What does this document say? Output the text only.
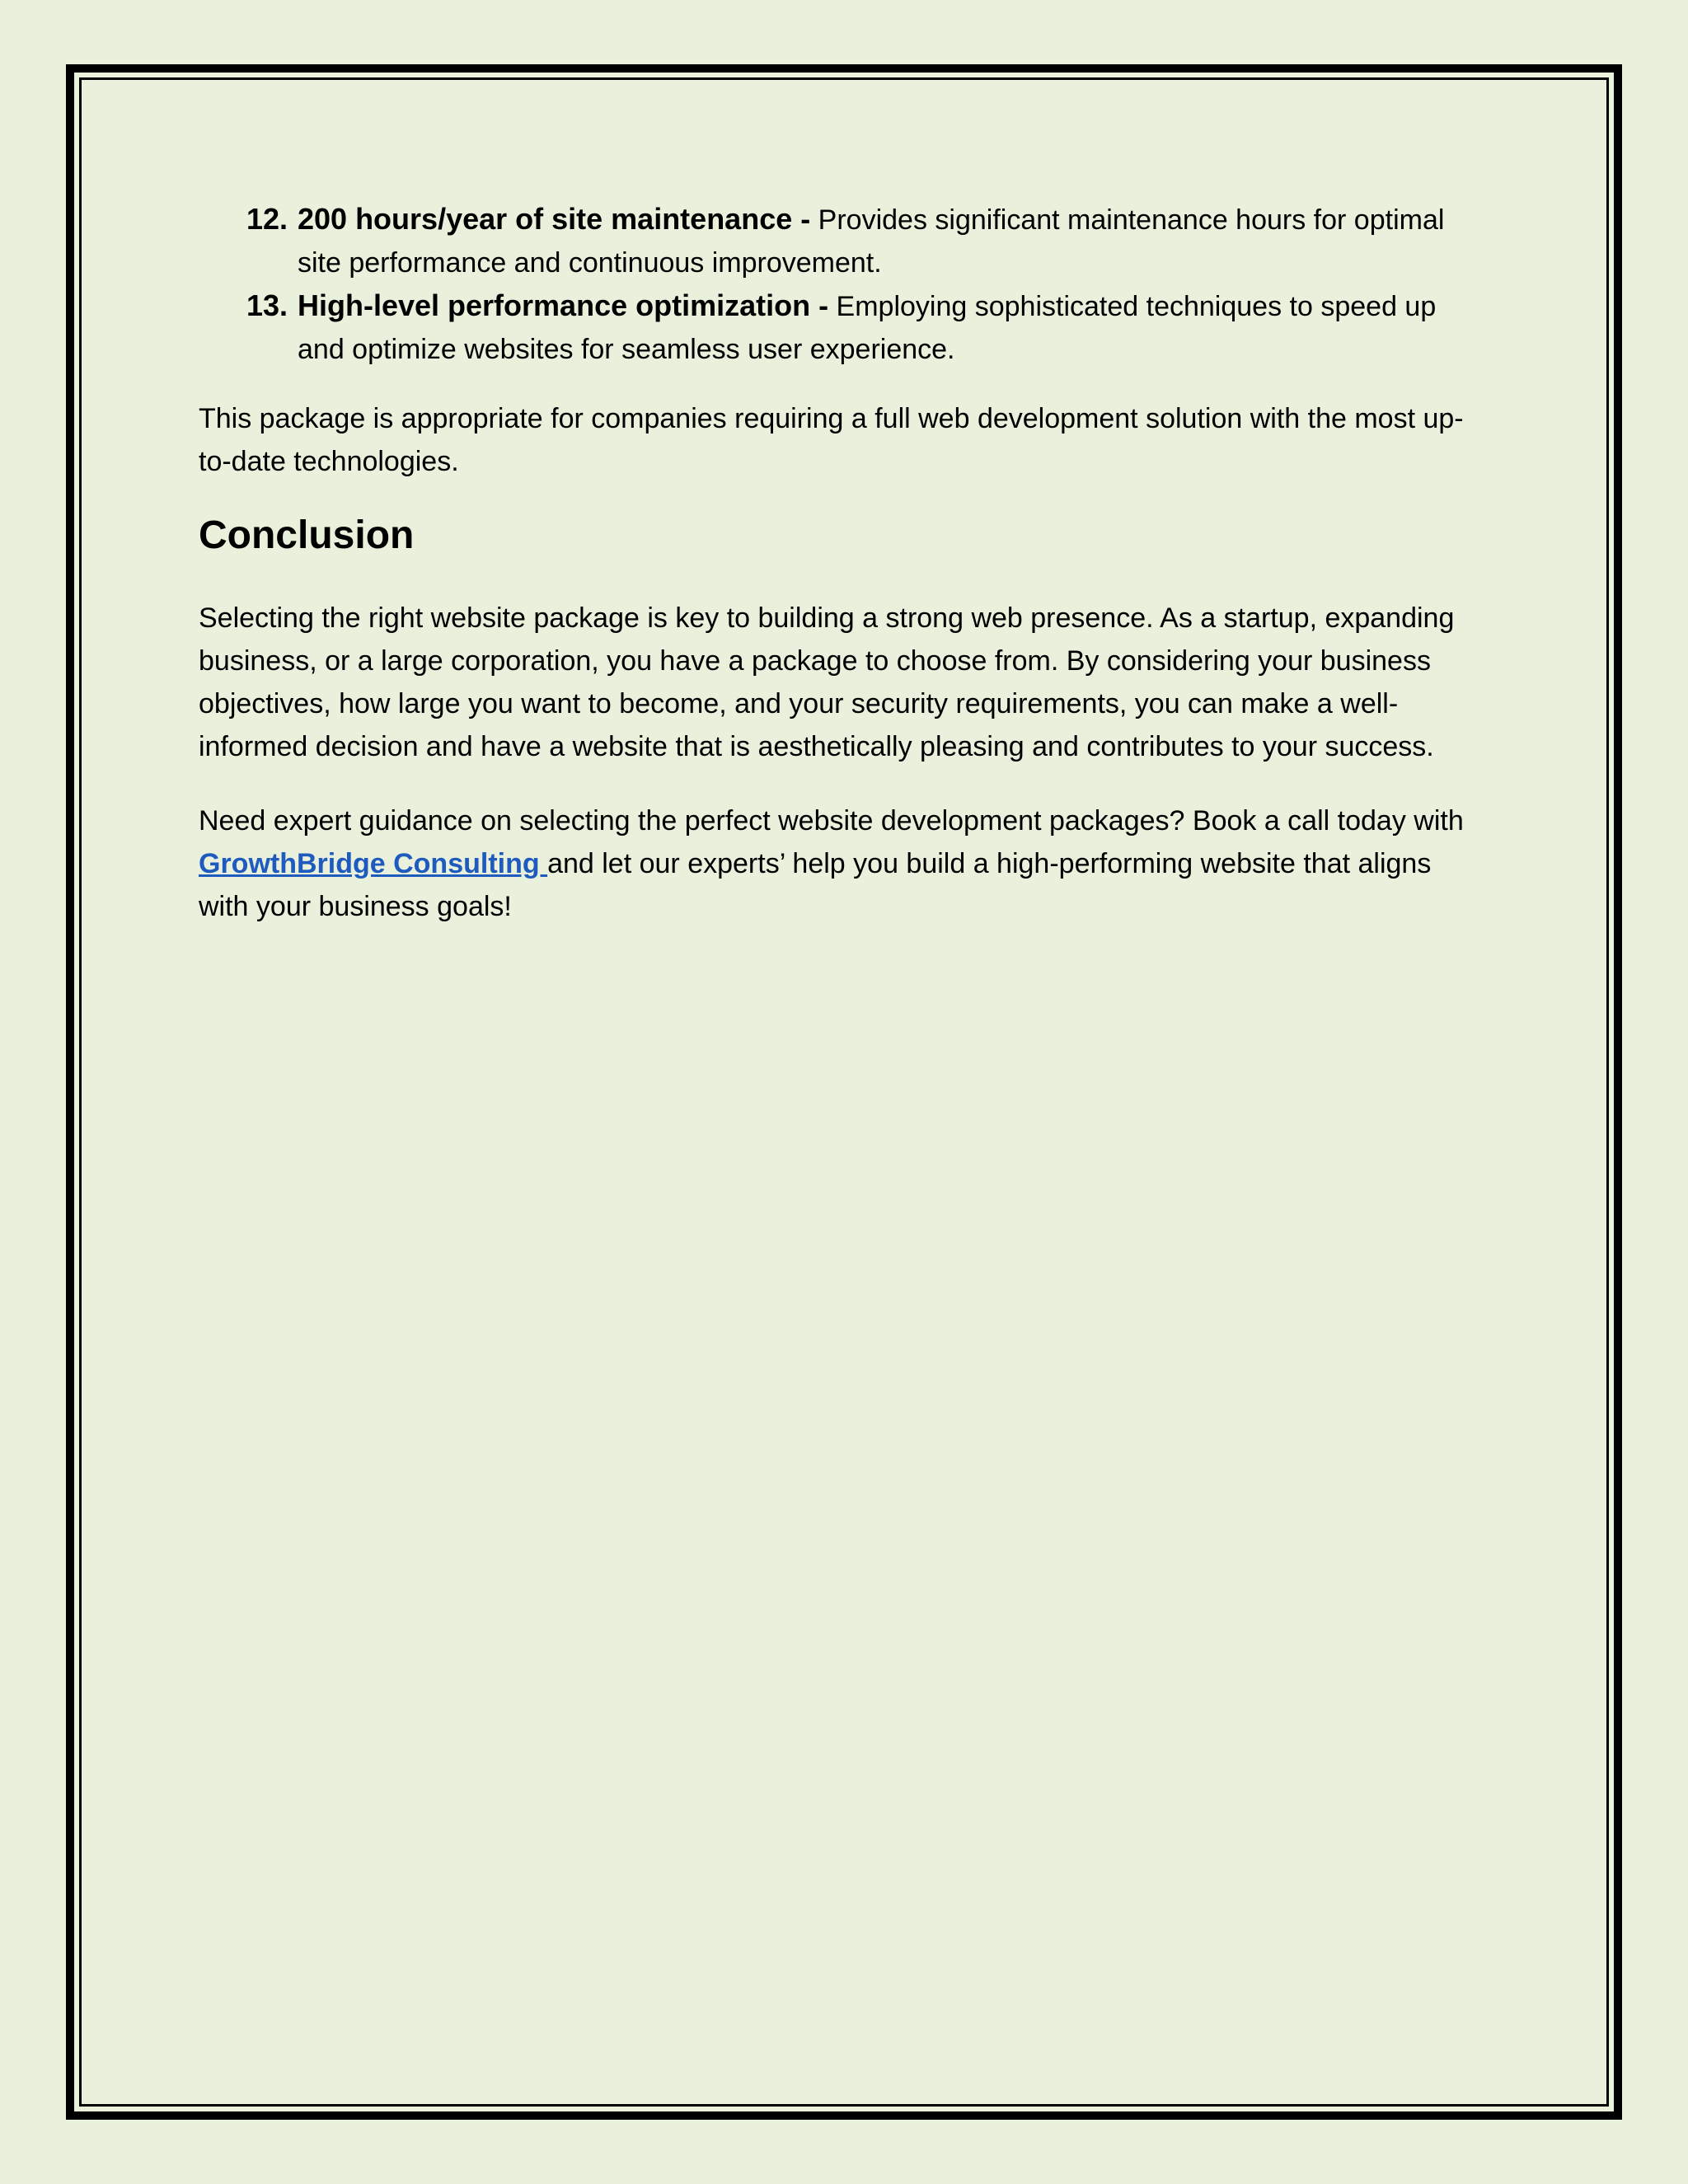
12. 200 hours/year of site maintenance - Provides significant maintenance hours for optimal site performance and continuous improvement.
13. High-level performance optimization - Employing sophisticated techniques to speed up and optimize websites for seamless user experience.

This package is appropriate for companies requiring a full web development solution with the most up-to-date technologies.

Conclusion

Selecting the right website package is key to building a strong web presence. As a startup, expanding business, or a large corporation, you have a package to choose from. By considering your business objectives, how large you want to become, and your security requirements, you can make a well-informed decision and have a website that is aesthetically pleasing and contributes to your success.

Need expert guidance on selecting the perfect website development packages? Book a call today with GrowthBridge Consulting and let our experts’ help you build a high-performing website that aligns with your business goals!
